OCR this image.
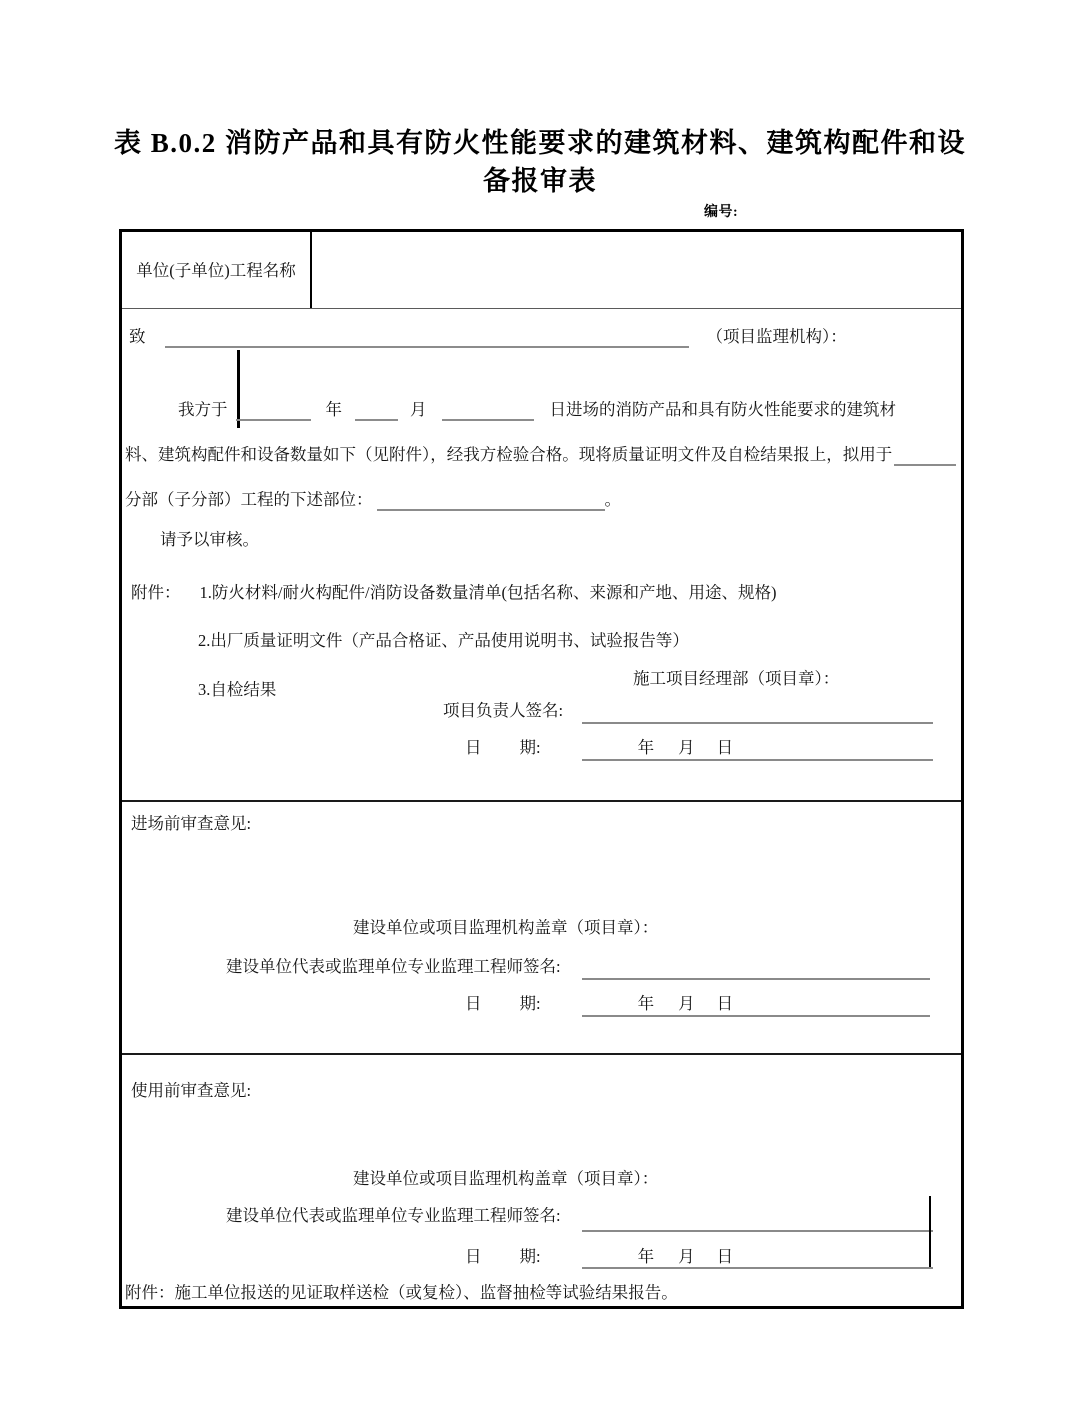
表 B.0.2 消防产品和具有防火性能要求的建筑材料、建筑构配件和设
备报审表
编号:
单位(子单位)工程名称
致	（项目监理机构）：
我方于	年	月	日进场的消防产品和具有防火性能要求的建筑材
料、建筑构配件和设备数量如下（见附件），经我方检验合格。现将质量证明文件及自检结果报上，拟用于
分部（子分部）工程的下述部位：	。
请予以审核。
附件： 1.防火材料/耐火构配件/消防设备数量清单(包括名称、来源和产地、用途、规格)
2.出厂质量证明文件（产品合格证、产品使用说明书、试验报告等）
3.自检结果
施工项目经理部（项目章）：
项目负责人签名:
日 期:	年 月 日
进场前审查意见:
建设单位或项目监理机构盖章（项目章）：
建设单位代表或监理单位专业监理工程师签名:
日 期:	年 月 日
使用前审查意见:
建设单位或项目监理机构盖章（项目章）：
建设单位代表或监理单位专业监理工程师签名:
日 期:	年 月 日
附件：施工单位报送的见证取样送检（或复检）、监督抽检等试验结果报告。
